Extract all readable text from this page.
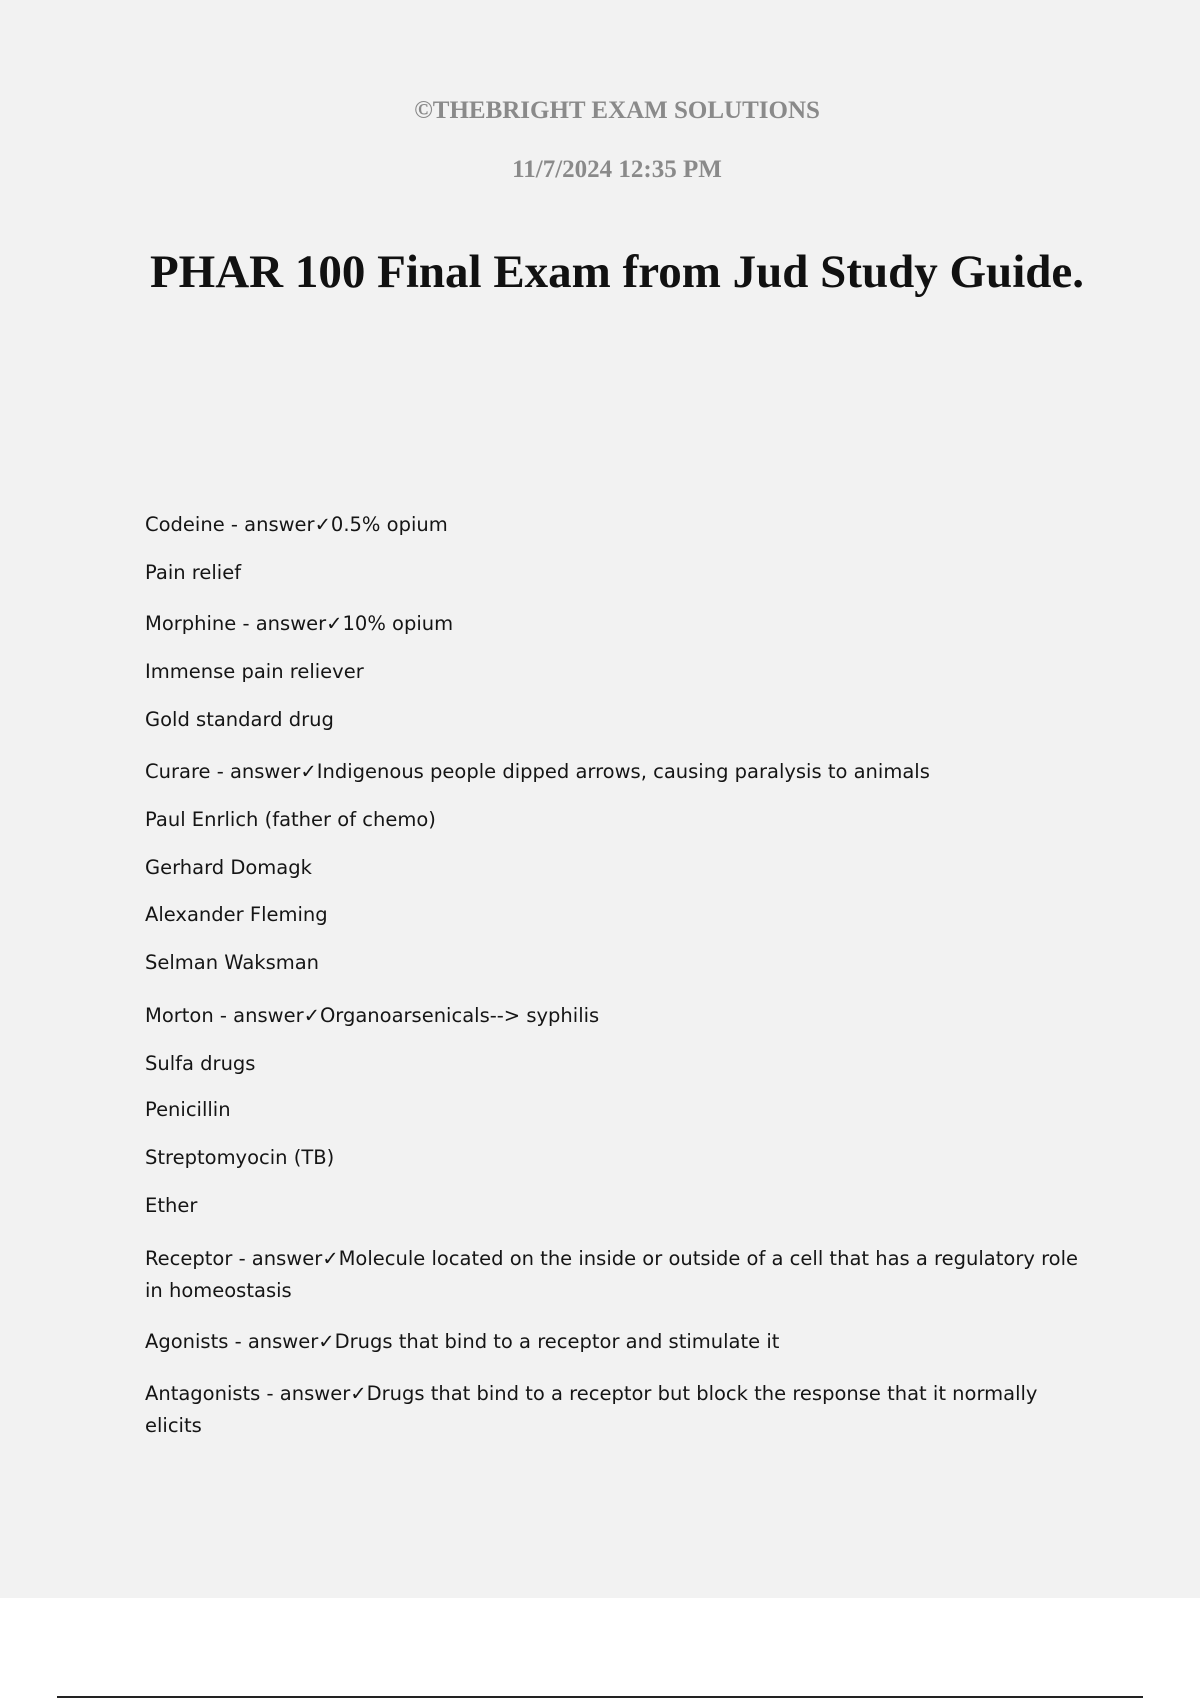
©THEBRIGHT EXAM SOLUTIONS
11/7/2024 12:35 PM
PHAR 100 Final Exam from Jud Study Guide.
Codeine - answer✓0.5% opium
Pain relief
Morphine - answer✓10% opium
Immense pain reliever
Gold standard drug
Curare - answer✓Indigenous people dipped arrows, causing paralysis to animals
Paul Enrlich (father of chemo)
Gerhard Domagk
Alexander Fleming
Selman Waksman
Morton - answer✓Organoarsenicals--> syphilis
Sulfa drugs
Penicillin
Streptomyocin (TB)
Ether
Receptor - answer✓Molecule located on the inside or outside of a cell that has a regulatory role in homeostasis
Agonists - answer✓Drugs that bind to a receptor and stimulate it
Antagonists - answer✓Drugs that bind to a receptor but block the response that it normally elicits
